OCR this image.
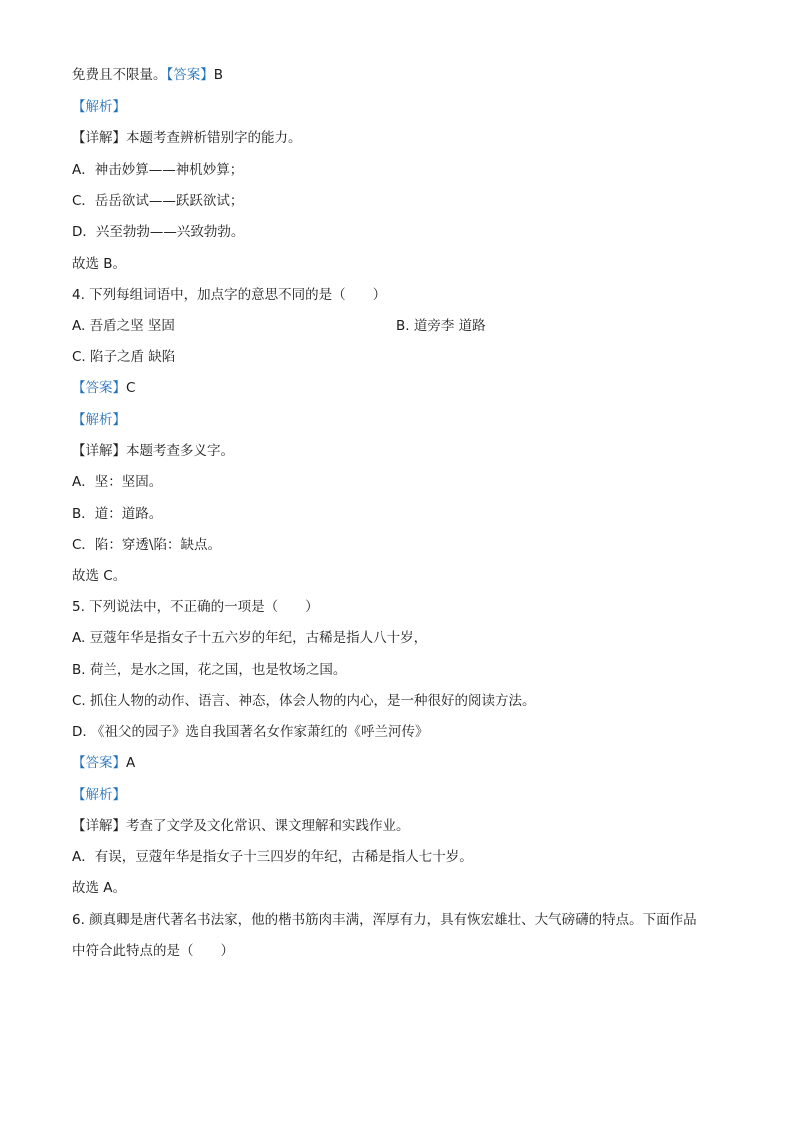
免费且不限量。【答案】B
【解析】
【详解】本题考查辨析错别字的能力。
A．神击妙算——神机妙算；
C．岳岳欲试——跃跃欲试；
D．兴至勃勃——兴致勃勃。
故选 B。
4. 下列每组词语中，加点字的意思不同的是（　　）
A. 吾盾之坚 坚固	B. 道旁李 道路
C. 陷子之盾 缺陷
【答案】C
【解析】
【详解】本题考查多义字。
A．坚：坚固。
B．道：道路。
C．陷：穿透\陷：缺点。
故选 C。
5. 下列说法中，不正确的一项是（　　）
A. 豆蔻年华是指女子十五六岁的年纪，古稀是指人八十岁，
B. 荷兰，是水之国，花之国，也是牧场之国。
C. 抓住人物的动作、语言、神态，体会人物的内心，是一种很好的阅读方法。
D. 《祖父的园子》选自我国著名女作家萧红的《呼兰河传》
【答案】A
【解析】
【详解】考查了文学及文化常识、课文理解和实践作业。
A．有误，豆蔻年华是指女子十三四岁的年纪，古稀是指人七十岁。
故选 A。
6. 颜真卿是唐代著名书法家，他的楷书筋肉丰满，浑厚有力，具有恢宏雄壮、大气磅礴的特点。下面作品
中符合此特点的是（　　）
